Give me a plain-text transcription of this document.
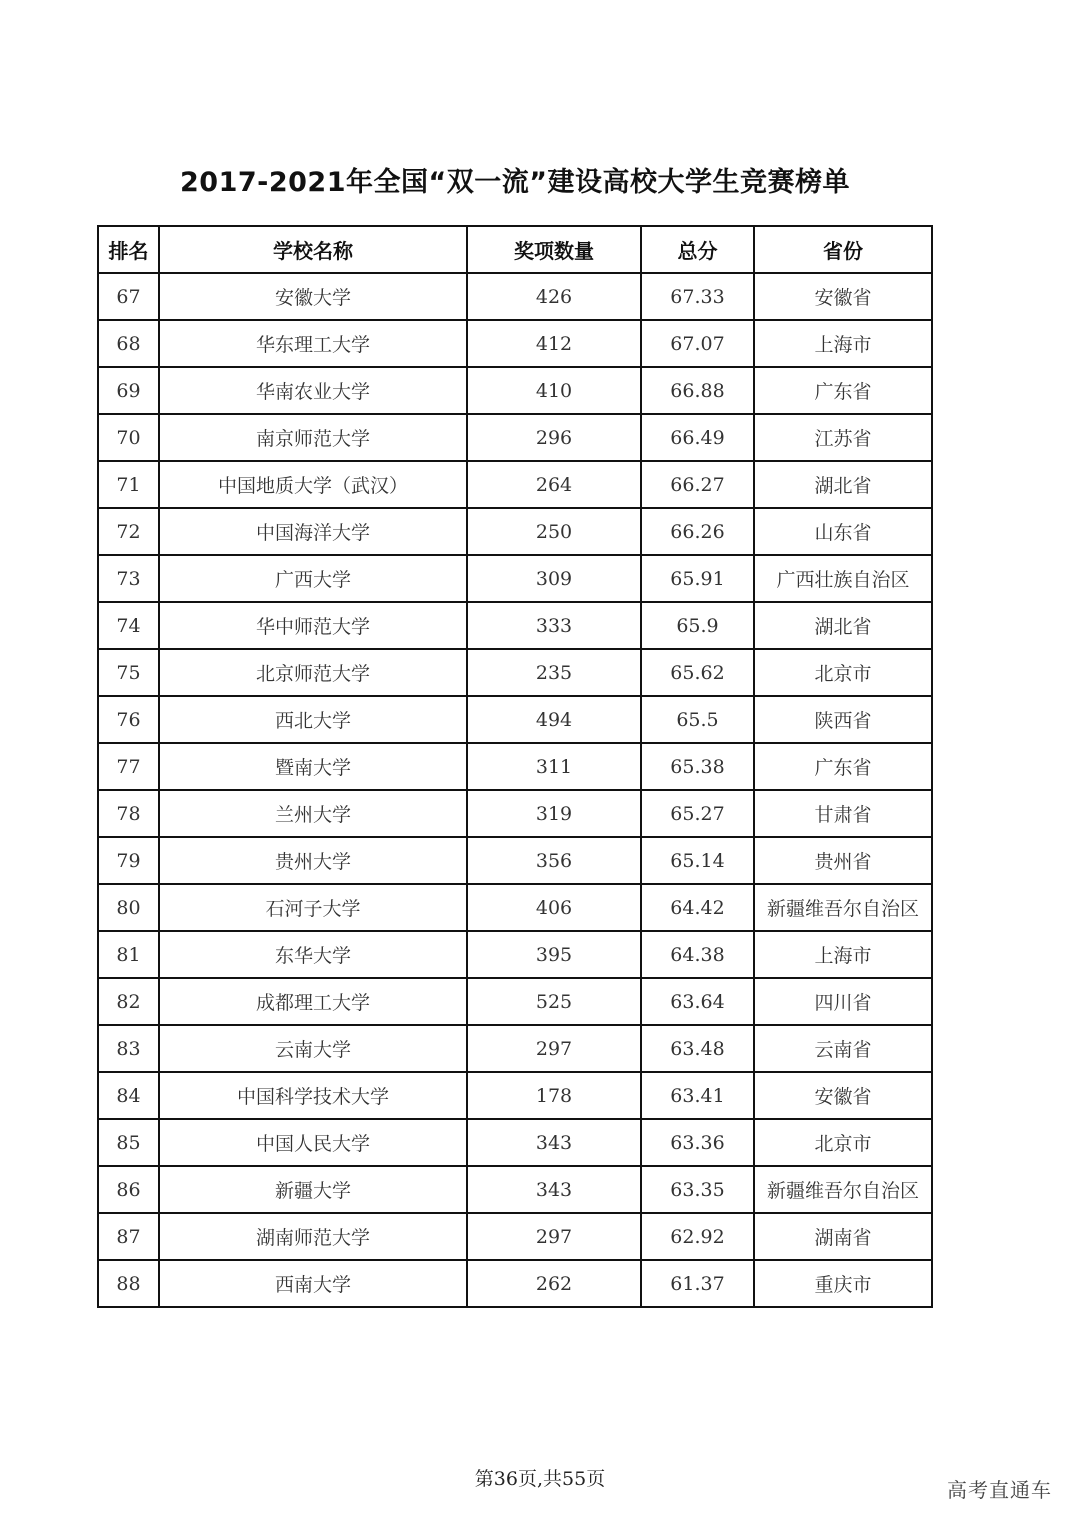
2017-2021年全国“双一流”建设高校大学生竞赛榜单
排名	学校名称	奖项数量	总分	省份
67	安徽大学	426	67.33	安徽省
68	华东理工大学	412	67.07	上海市
69	华南农业大学	410	66.88	广东省
70	南京师范大学	296	66.49	江苏省
71	中国地质大学（武汉）	264	66.27	湖北省
72	中国海洋大学	250	66.26	山东省
73	广西大学	309	65.91	广西壮族自治区
74	华中师范大学	333	65.9	湖北省
75	北京师范大学	235	65.62	北京市
76	西北大学	494	65.5	陕西省
77	暨南大学	311	65.38	广东省
78	兰州大学	319	65.27	甘肃省
79	贵州大学	356	65.14	贵州省
80	石河子大学	406	64.42	新疆维吾尔自治区
81	东华大学	395	64.38	上海市
82	成都理工大学	525	63.64	四川省
83	云南大学	297	63.48	云南省
84	中国科学技术大学	178	63.41	安徽省
85	中国人民大学	343	63.36	北京市
86	新疆大学	343	63.35	新疆维吾尔自治区
87	湖南师范大学	297	62.92	湖南省
88	西南大学	262	61.37	重庆市
第36页,共55页	高考直通车
